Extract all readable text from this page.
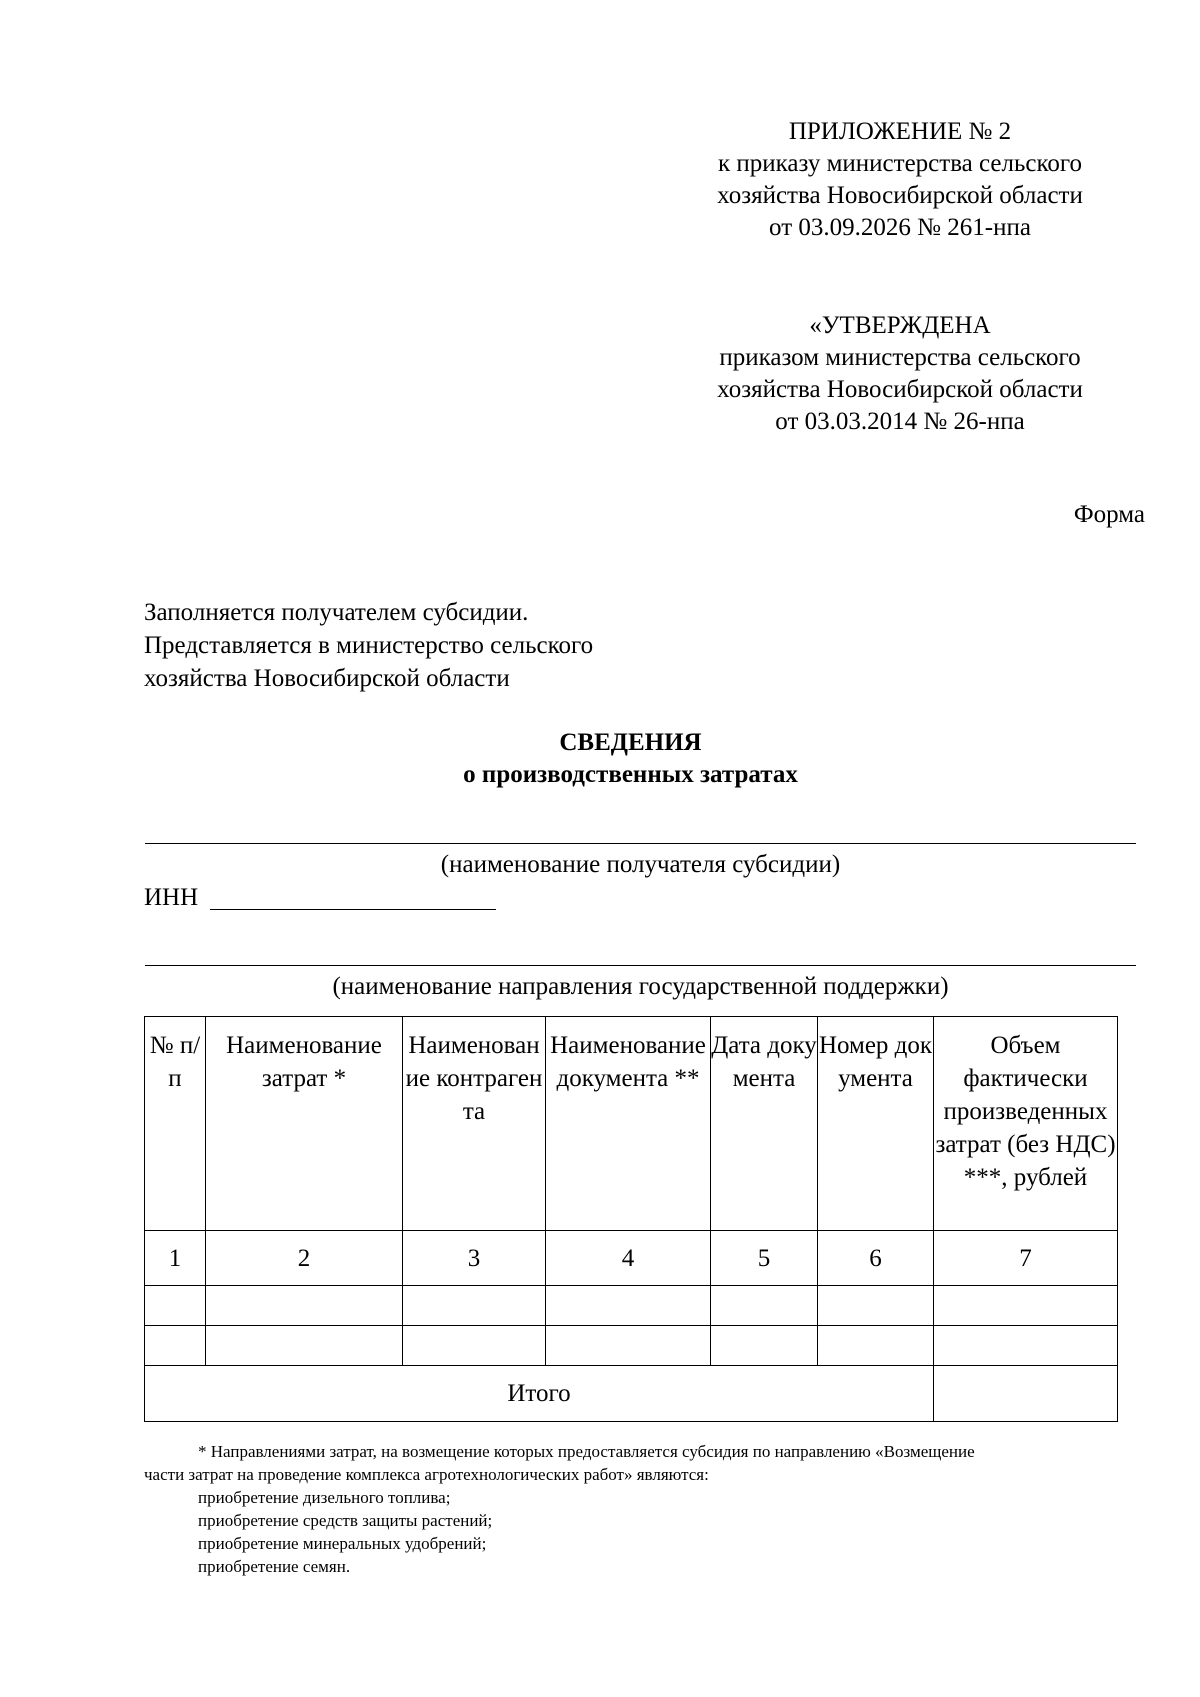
ПРИЛОЖЕНИЕ № 2
к приказу министерства сельского
хозяйства Новосибирской области
от 03.09.2026 № 261-нпа
«УТВЕРЖДЕНА
приказом министерства сельского
хозяйства Новосибирской области
от 03.03.2014 № 26-нпа
Форма
Заполняется получателем субсидии.
Представляется в министерство сельского
хозяйства Новосибирской области
СВЕДЕНИЯ
о производственных затратах
(наименование получателя субсидии)
ИНН
(наименование направления государственной поддержки)
№ п/п	Наименование затрат *	Наименование контрагента	Наименование документа **	Дата документа	Номер документа	Объем фактически произведенных затрат (без НДС) ***, рублей

1	2	3	4	5	6	7

Итого						
* Направлениями затрат, на возмещение которых предоставляется субсидия по направлению «Возмещение
части затрат на проведение комплекса агротехнологических работ» являются:
приобретение дизельного топлива;
приобретение средств защиты растений;
приобретение минеральных удобрений;
приобретение семян.
